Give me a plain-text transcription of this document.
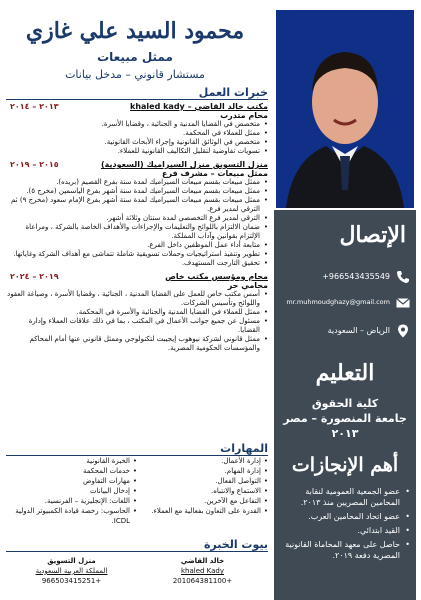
محمود السيد علي غازي
ممثل مبيعات
مستشار قانوني – مدخل بيانات
خبرات العمل
مكتب خالد القاضي – khaled kady
٢٠١٣ – ٢٠١٤
محام متدرب
• متخصص في القضايا المدنية و الجنائية ، وقضايا الأسرة.
• ممثل للعملاء في المحكمة.
• متخصص في الوثائق القانونية وإجراء الأبحاث القانونية.
• تسويات تفاوضية لتقليل التكاليف القانونية للعملاء.
منزل التسويق منزل السيراميك (السعودية)
٢٠١٥ – ٢٠١٩
ممثل مبيعات – مشرف فرع
• ممثل مبيعات بقسم مبيعات السيراميك لمدة سنة بفرع القصيم (بريده).
• ممثل مبيعات بقسم مبيعات السيراميك لمدة سنة أشهر بفرع الياسمين (مخرج ٥).
• ممثل مبيعات بقسم مبيعات السيراميك لمدة سنة أشهر بفرع الإمام سعود (مخرج ٩) ثم الترقي لمدير فرع.
• الترقي لمدير فرع التخصصي لمدة سنتان وثلاثة أشهر.
• ضمان الالتزام باللوائح والتعليمات والإجراءات والأهداف الخاصة بالشركة ، ومراعاة الإلتزام بقوانين وآداب المملكة.
• متابعة أداء عمل الموظفين داخل الفرع.
• تطوير وتنفيذ استراتيجيات وحملات تسويقية شاملة تتماشى مع أهداف الشركة وغاياتها.
• تحقيق التارجت المستهدف.
محام ومؤسس مكتب خاص
٢٠١٩ – ٢٠٢٤
محامي حر
• أسس مكتب خاص للعمل على القضايا المدنية ، الجنائية ، وقضايا الأسرة ، وصياغة العقود واللوائح وتأسيس الشركات.
• ممثل للعملاء في القضايا المدنية والجنائية والأسرة في المحكمة.
• مسئول عن جميع جوانب الأعمال في المكتب ، بما في ذلك علاقات العملاء وإدارة القضايا.
• ممثل قانوني لشركة نيوهوب إيجيبت لتكنولوجي وممثل قانوني عنها أمام المحاكم والمؤسسات الحكومية المصرية.
المهارات
• إدارة الأعمال.
• إدارة المهام.
• التواصل الفعال.
• الاستماع والانتباه.
• التفاعل مع الآخرين.
• القدرة على التعاون بفعالية مع العملاء.
• الخبرة القانونية
• خدمات المحكمة
• مهارات التفاوض
• إدخال البيانات
• اللغات: الإنجليزية – الفرنسية.
• الحاسوب: رخصة قيادة الكمبيوتر الدولية ICDL.
بيوت الخبرة
خالد القاضي
khaled Kady
+201064381100
منزل التسويق
المملكة العربية السعودية
+966503415251
الإتصال
+966543435549
mr.muhmoudghazy@gmail.com
الرياض – السعودية
التعليم
كلية الحقوق
جامعة المنصورة – مصر
٢٠١٣
أهم الإنجازات
• عضو الجمعية العمومية لنقابة المحامين المصريين منذ ٢٠١٣.
• عضو اتحاد المحامين العرب.
• القيد ابتدائي.
• حاصل على معهد المحاماة القانونية المصرية دفعة ٢٠١٩.
